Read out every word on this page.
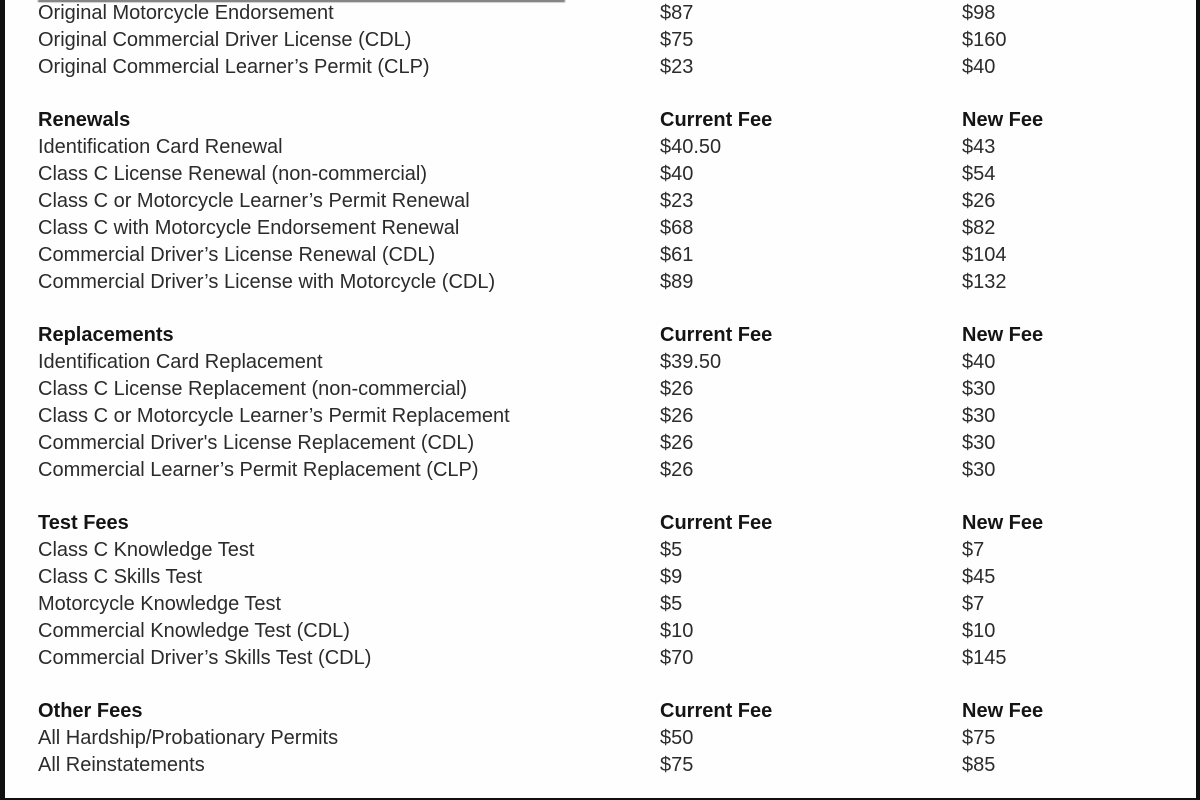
Original Motorcycle Endorsement	$87	$98
Original Commercial Driver License (CDL)	$75	$160
Original Commercial Learner’s Permit (CLP)	$23	$40
Renewals	Current Fee	New Fee
Identification Card Renewal	$40.50	$43
Class C License Renewal (non-commercial)	$40	$54
Class C or Motorcycle Learner’s Permit Renewal	$23	$26
Class C with Motorcycle Endorsement Renewal	$68	$82
Commercial Driver’s License Renewal (CDL)	$61	$104
Commercial Driver’s License with Motorcycle (CDL)	$89	$132
Replacements	Current Fee	New Fee
Identification Card Replacement	$39.50	$40
Class C License Replacement (non-commercial)	$26	$30
Class C or Motorcycle Learner’s Permit Replacement	$26	$30
Commercial Driver's License Replacement (CDL)	$26	$30
Commercial Learner’s Permit Replacement (CLP)	$26	$30
Test Fees	Current Fee	New Fee
Class C Knowledge Test	$5	$7
Class C Skills Test	$9	$45
Motorcycle Knowledge Test	$5	$7
Commercial Knowledge Test (CDL)	$10	$10
Commercial Driver’s Skills Test (CDL)	$70	$145
Other Fees	Current Fee	New Fee
All Hardship/Probationary Permits	$50	$75
All Reinstatements	$75	$85
